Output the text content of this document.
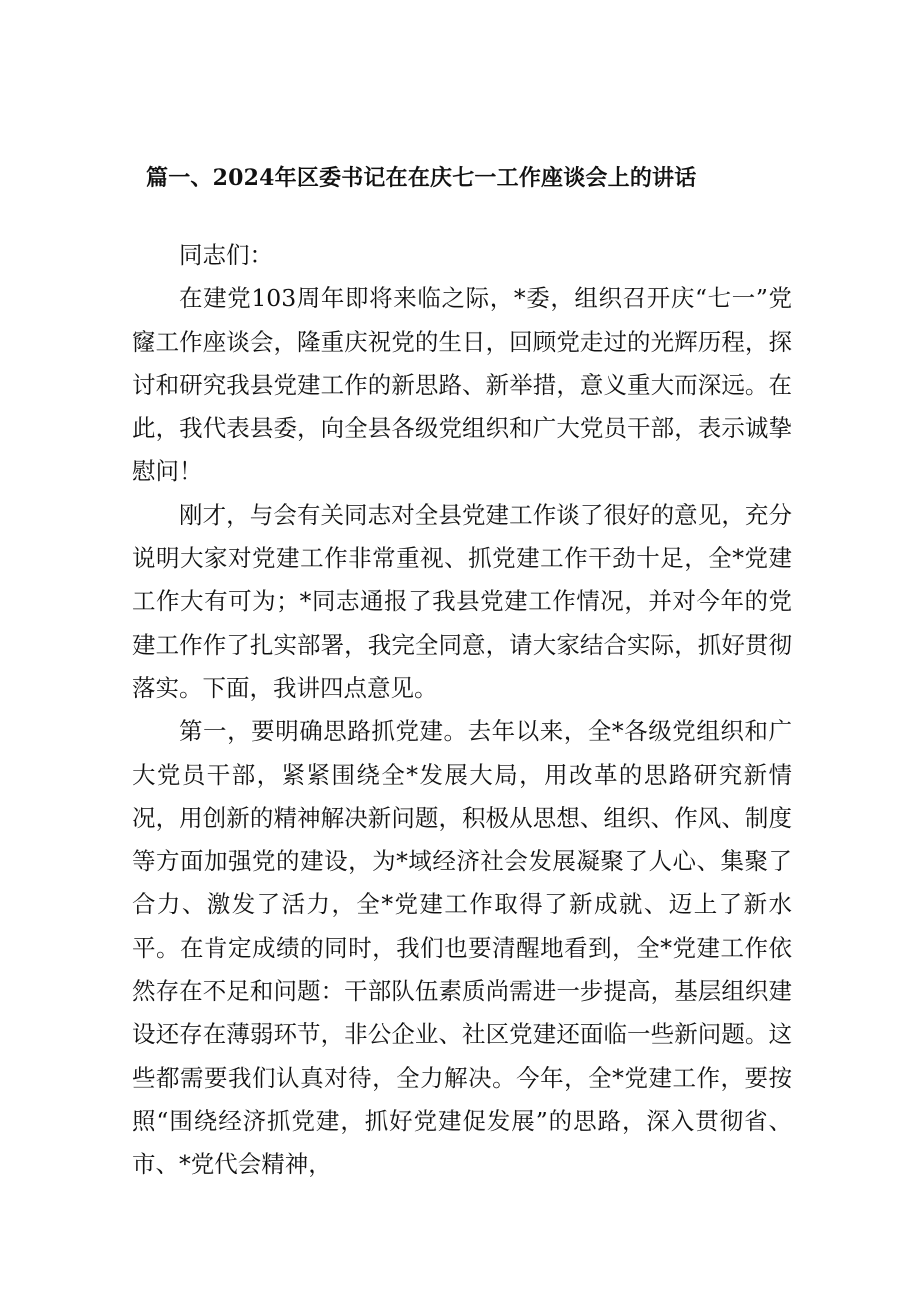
篇一、2024年区委书记在在庆七一工作座谈会上的讲话

同志们：

在建党103周年即将来临之际，*委，组织召开庆“七一”党窿工作座谈会，隆重庆祝党的生日，回顾党走过的光辉历程，探讨和研究我县党建工作的新思路、新举措，意义重大而深远。在此，我代表县委，向全县各级党组织和广大党员干部，表示诚挚慰问！

刚才，与会有关同志对全县党建工作谈了很好的意见，充分说明大家对党建工作非常重视、抓党建工作干劲十足，全*党建工作大有可为；*同志通报了我县党建工作情况，并对今年的党建工作作了扎实部署，我完全同意，请大家结合实际，抓好贯彻落实。下面，我讲四点意见。

第一，要明确思路抓党建。去年以来，全*各级党组织和广大党员干部，紧紧围绕全*发展大局，用改革的思路研究新情况，用创新的精神解决新问题，积极从思想、组织、作风、制度等方面加强党的建设，为*域经济社会发展凝聚了人心、集聚了合力、激发了活力，全*党建工作取得了新成就、迈上了新水平。在肯定成绩的同时，我们也要清醒地看到，全*党建工作依然存在不足和问题：干部队伍素质尚需进一步提高，基层组织建设还存在薄弱环节，非公企业、社区党建还面临一些新问题。这些都需要我们认真对待，全力解决。今年，全*党建工作，要按照“围绕经济抓党建，抓好党建促发展”的思路，深入贯彻省、市、*党代会精神，
